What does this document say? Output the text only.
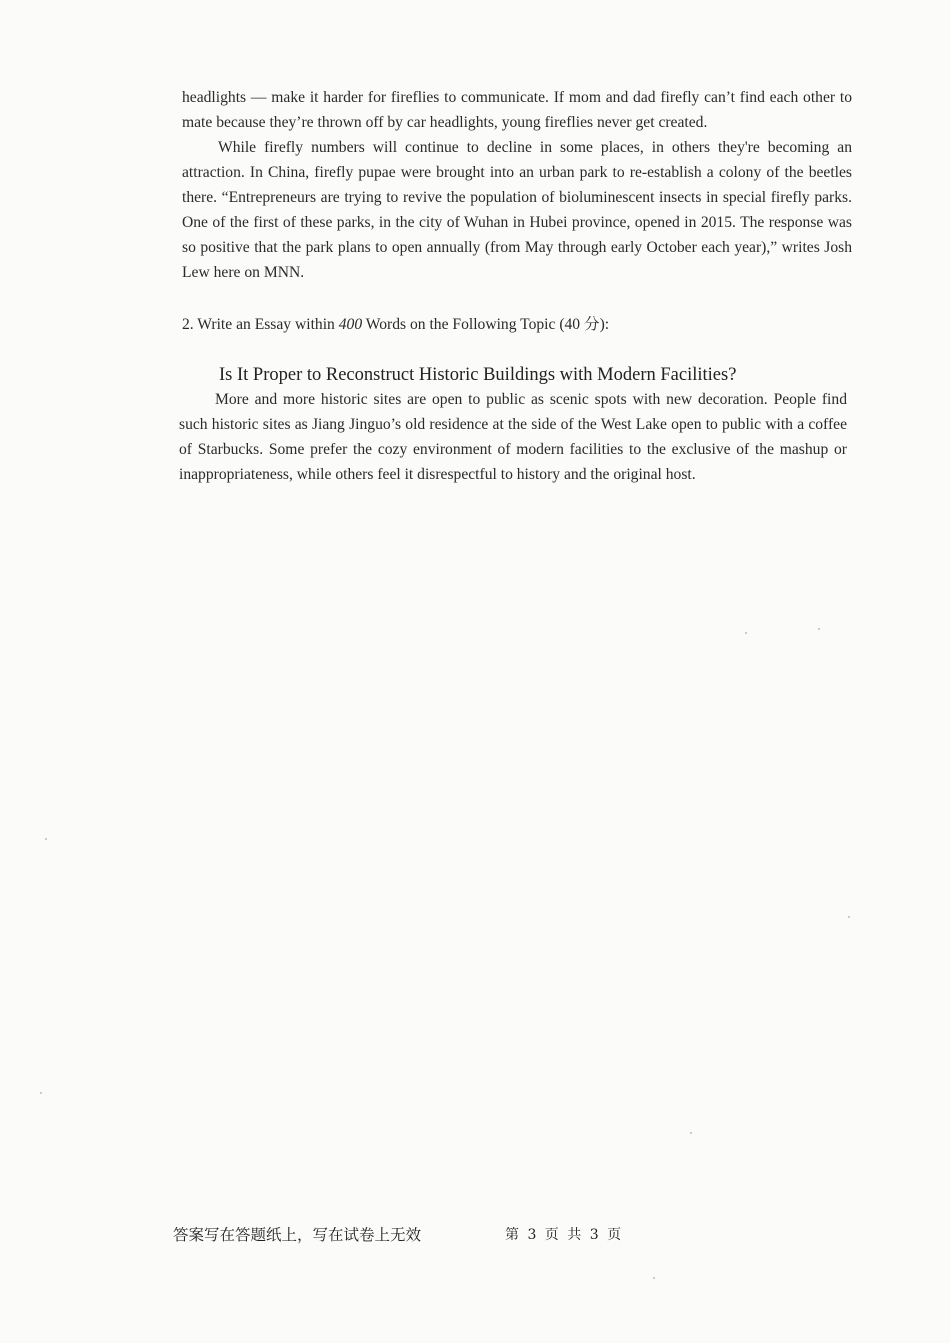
headlights — make it harder for fireflies to communicate. If mom and dad firefly can’t find each other to mate because they’re thrown off by car headlights, young fireflies never get created.

While firefly numbers will continue to decline in some places, in others they're becoming an attraction. In China, firefly pupae were brought into an urban park to re-establish a colony of the beetles there. “Entrepreneurs are trying to revive the population of bioluminescent insects in special firefly parks. One of the first of these parks, in the city of Wuhan in Hubei province, opened in 2015. The response was so positive that the park plans to open annually (from May through early October each year),” writes Josh Lew here on MNN.

2. Write an Essay within 400 Words on the Following Topic (40 分):

Is It Proper to Reconstruct Historic Buildings with Modern Facilities?

More and more historic sites are open to public as scenic spots with new decoration. People find such historic sites as Jiang Jinguo’s old residence at the side of the West Lake open to public with a coffee of Starbucks. Some prefer the cozy environment of modern facilities to the exclusive of the mashup or inappropriateness, while others feel it disrespectful to history and the original host.

答案写在答题纸上，写在试卷上无效	第 3 页 共 3 页
